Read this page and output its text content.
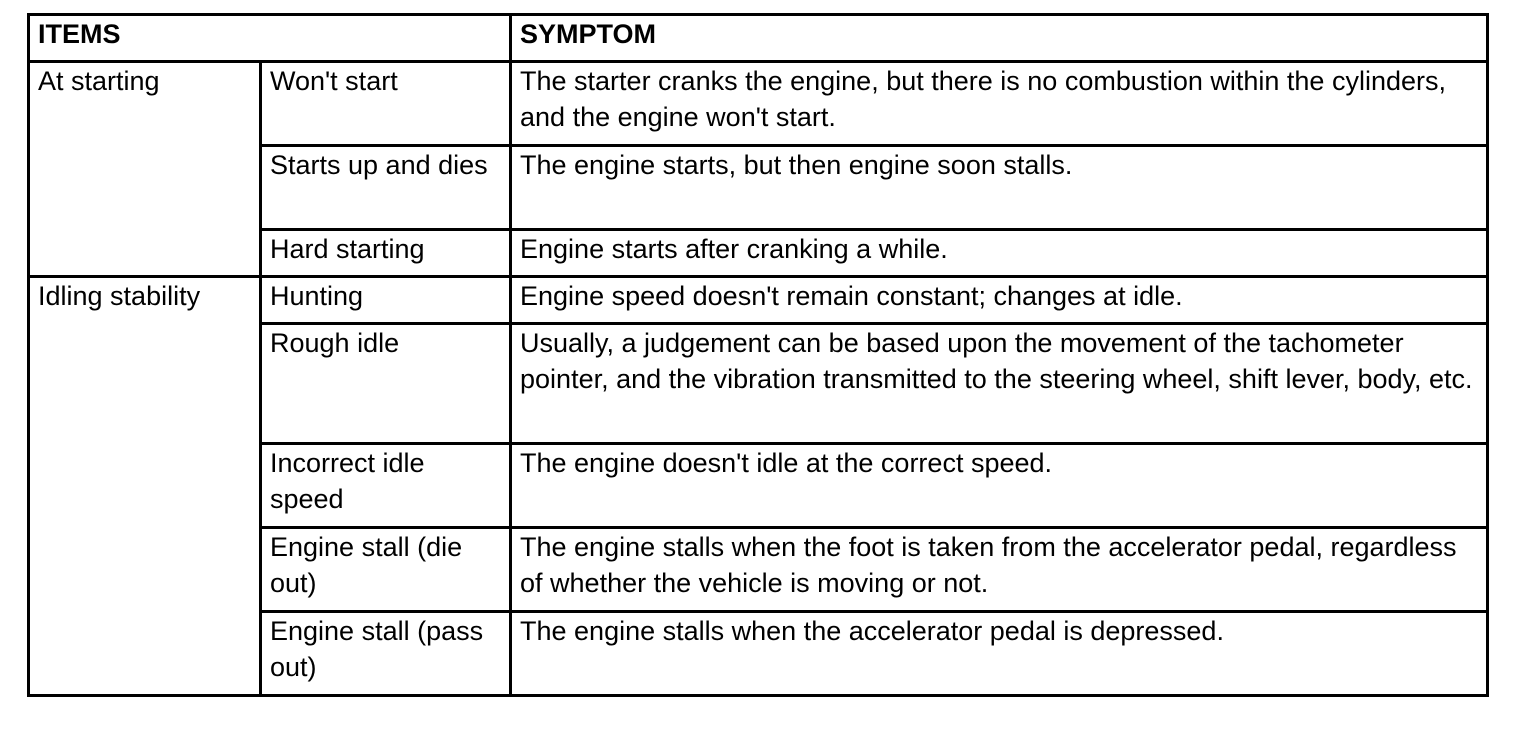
ITEMS		SYMPTOM
At starting	Won't start	The starter cranks the engine, but there is no combustion within the cylinders, and the engine won't start.
	Starts up and dies	The engine starts, but then engine soon stalls.
	Hard starting	Engine starts after cranking a while.
Idling stability	Hunting	Engine speed doesn't remain constant; changes at idle.
	Rough idle	Usually, a judgement can be based upon the movement of the tachometer pointer, and the vibration transmitted to the steering wheel, shift lever, body, etc.
	Incorrect idle speed	The engine doesn't idle at the correct speed.
	Engine stall (die out)	The engine stalls when the foot is taken from the accelerator pedal, regardless of whether the vehicle is moving or not.
	Engine stall (pass out)	The engine stalls when the accelerator pedal is depressed.
